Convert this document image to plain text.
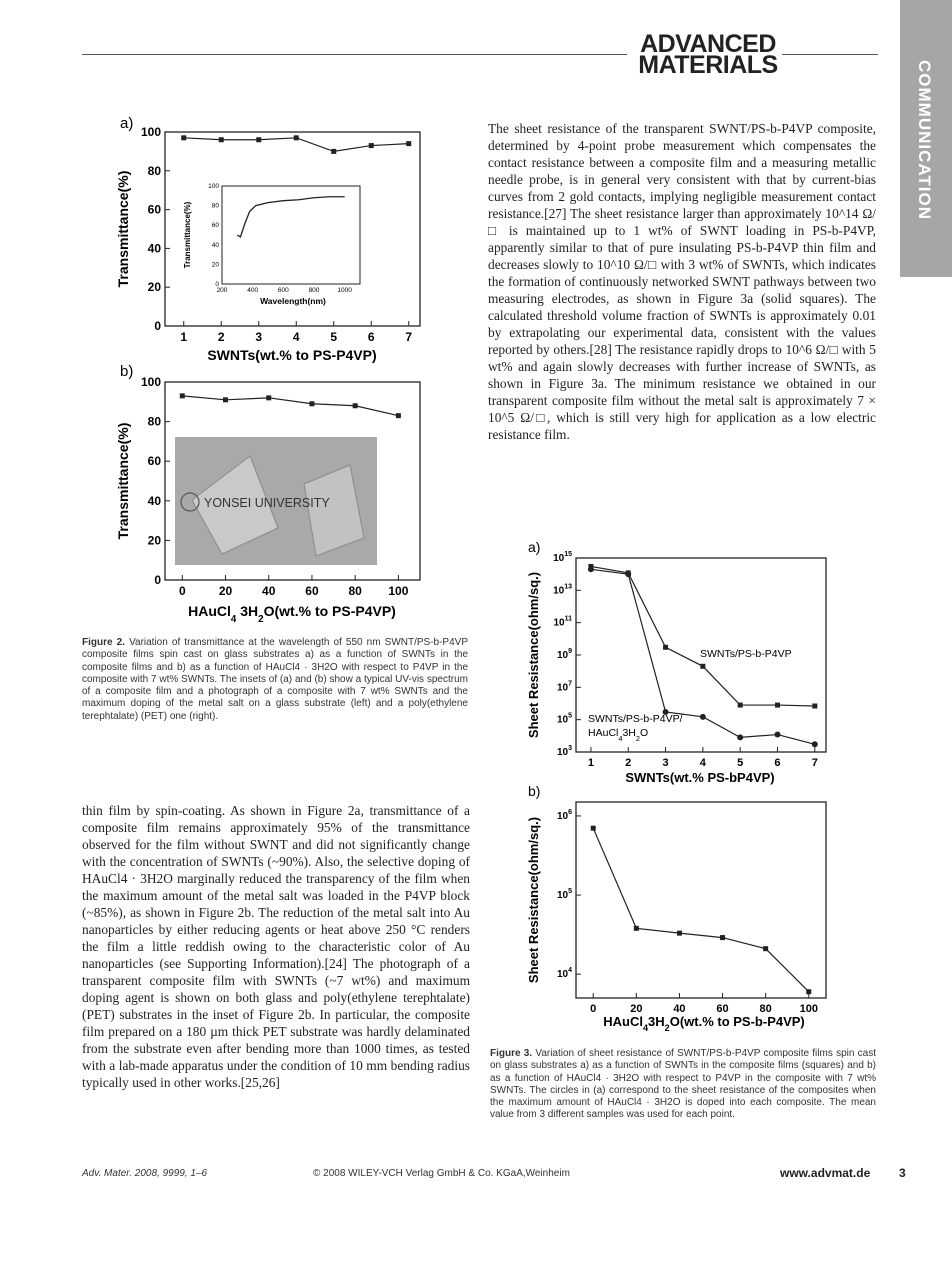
ADVANCED
MATERIALS	COMMUNICATION
a)
1	2	3	4	5	6	7
0
20
40
60
80
100
SWNTs(wt.% to PS-P4VP)
Transmittance(%)
200	400	600	800	1000
0
20
40
60
80
100
Wavelength(nm)
Transmittance(%)
b)
0	20 40 60 80 100
0
20
40
60
80
100
YONSEI UNIVERSITY
HAuCl$_4$ $3H_2O(wt.\%$ to PS-P4VP)
Transmittance(%)
Figure 2. Variation of transmittance at the wavelength of 550 nm SWNT/PS-b-P4VP composite films spin cast on glass substrates a) as a function of SWNTs in the composite films and b) as a function of HAuCl4 · 3H2O with respect to P4VP in the composite with 7 wt% SWNTs. The insets of (a) and (b) show a typical UV-vis spectrum of a composite film and a photograph of a composite with 7 wt% SWNTs and the maximum doping of the metal salt on a glass substrate (left) and a poly(ethylene terephtalate) (PET) one (right).
The sheet resistance of the transparent SWNT/PS-b-P4VP composite, determined by 4-point probe measurement which compensates the contact resistance between a composite film and a measuring metallic needle probe, is in general very consistent with that by current-bias curves from 2 gold contacts, implying negligible measurement contact resistance.[27] The sheet resistance larger than approximately 10^14 Ω/□ is maintained up to 1 wt% of SWNT loading in PS-b-P4VP, apparently similar to that of pure insulating PS-b-P4VP thin film and decreases slowly to 10^10 Ω/□ with 3 wt% of SWNTs, which indicates the formation of continuously networked SWNT pathways between two measuring electrodes, as shown in Figure 3a (solid squares). The calculated threshold volume fraction of SWNTs is approximately 0.01 by extrapolating our experimental data, consistent with the values reported by others.[28] The resistance rapidly drops to 10^6 Ω/□ with 5 wt% and again slowly decreases with further increase of SWNTs, as shown in Figure 3a. The minimum resistance we obtained in our transparent composite film without the metal salt is approximately 7 × 10^5 Ω/□, which is still very high for application as a low electric resistance film.
thin film by spin-coating. As shown in Figure 2a, transmittance of a composite film remains approximately 95% of the transmittance observed for the film without SWNT and did not significantly change with the concentration of SWNTs (~90%). Also, the selective doping of HAuCl4 · 3H2O marginally reduced the transparency of the film when the maximum amount of the metal salt was loaded in the P4VP block (~85%), as shown in Figure 2b. The reduction of the metal salt into Au nanoparticles by either reducing agents or heat above 250 °C renders the film a little reddish owing to the characteristic color of Au nanoparticles (see Supporting Information).[24] The photograph of a transparent composite film with SWNTs (~7 wt%) and maximum doping agent is shown on both glass and poly(ethylene terephtalate) (PET) substrates in the inset of Figure 2b. In particular, the composite film prepared on a 180 µm thick PET substrate was hardly delaminated from the substrate even after bending more than 1000 times, as tested with a lab-made apparatus under the condition of 10 mm bending radius typically used in other works.[25,26]
a)
1	2	3	4	5	6	7
$10^3$
$10^5$
$10^7$
$10^9$
$10^{11}$
$10^{13}$
$10^{15}$
SWNTs/PS-b-P4VP
SWNTs/PS-b-P4VP/
$HAuCl_43H_2O$
SWNTs(wt.% PS-bP4VP)
Sheet Resistance(ohm/sq.)
b)
0	20	40	60	80	100
$10^4$
$10^5$
$10^6$
$HAuCl_43H_2O(wt.\%$ to PS-b-P4VP)
Sheet Resistance(ohm/sq.)
Figure 3. Variation of sheet resistance of SWNT/PS-b-P4VP composite films spin cast on glass substrates a) as a function of SWNTs in the composite films (squares) and b) as a function of HAuCl4 · 3H2O with respect to P4VP in the composite with 7 wt% SWNTs. The circles in (a) correspond to the sheet resistance of the composites when the maximum amount of HAuCl4 · 3H2O is doped into each composite. The mean value from 3 different samples was used for each point.
Adv. Mater. 2008, 9999, 1–6	© 2008 WILEY-VCH Verlag GmbH & Co. KGaA,Weinheim	www.advmat.de 3
